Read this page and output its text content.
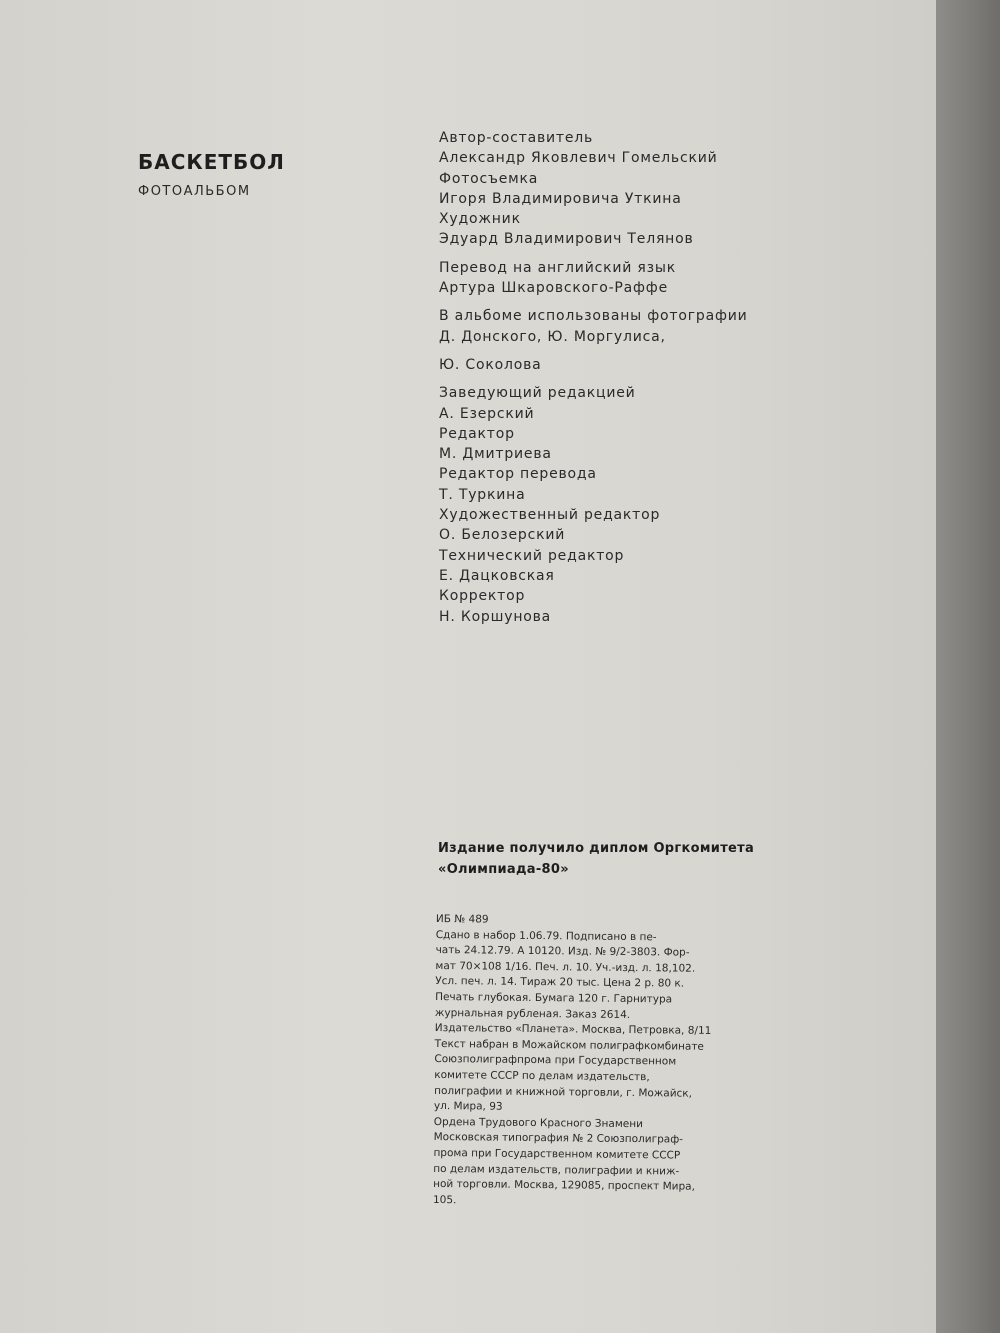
БАСКЕТБОЛ
ФОТОАЛЬБОМ
Автор-составитель
Александр Яковлевич Гомельский
Фотосъемка
Игоря Владимировича Уткина
Художник
Эдуард Владимирович Телянов
Перевод на английский язык
Артура Шкаровского-Раффе
В альбоме использованы фотографии
Д. Донского, Ю. Моргулиса,
Ю. Соколова
Заведующий редакцией
А. Езерский
Редактор
М. Дмитриева
Редактор перевода
Т. Туркина
Художественный редактор
О. Белозерский
Технический редактор
Е. Дацковская
Корректор
Н. Коршунова

Издание получило диплом Оргкомитета «Олимпиада-80»

ИБ № 489
Сдано в набор 1.06.79. Подписано в пе-
чать 24.12.79. А 10120. Изд. № 9/2-3803. Фор-
мат 70×108 1/16. Печ. л. 10. Уч.-изд. л. 18,102.
Усл. печ. л. 14. Тираж 20 тыс. Цена 2 р. 80 к.
Печать глубокая. Бумага 120 г. Гарнитура
журнальная рубленая. Заказ 2614.
Издательство «Планета». Москва, Петровка, 8/11
Текст набран в Можайском полиграфкомбинате
Союзполиграфпрома при Государственном
комитете СССР по делам издательств,
полиграфии и книжной торговли, г. Можайск,
ул. Мира, 93
Ордена Трудового Красного Знамени
Московская типография № 2 Союзполиграф-
прома при Государственном комитете СССР
по делам издательств, полиграфии и книж-
ной торговли. Москва, 129085, проспект Мира,
105.
